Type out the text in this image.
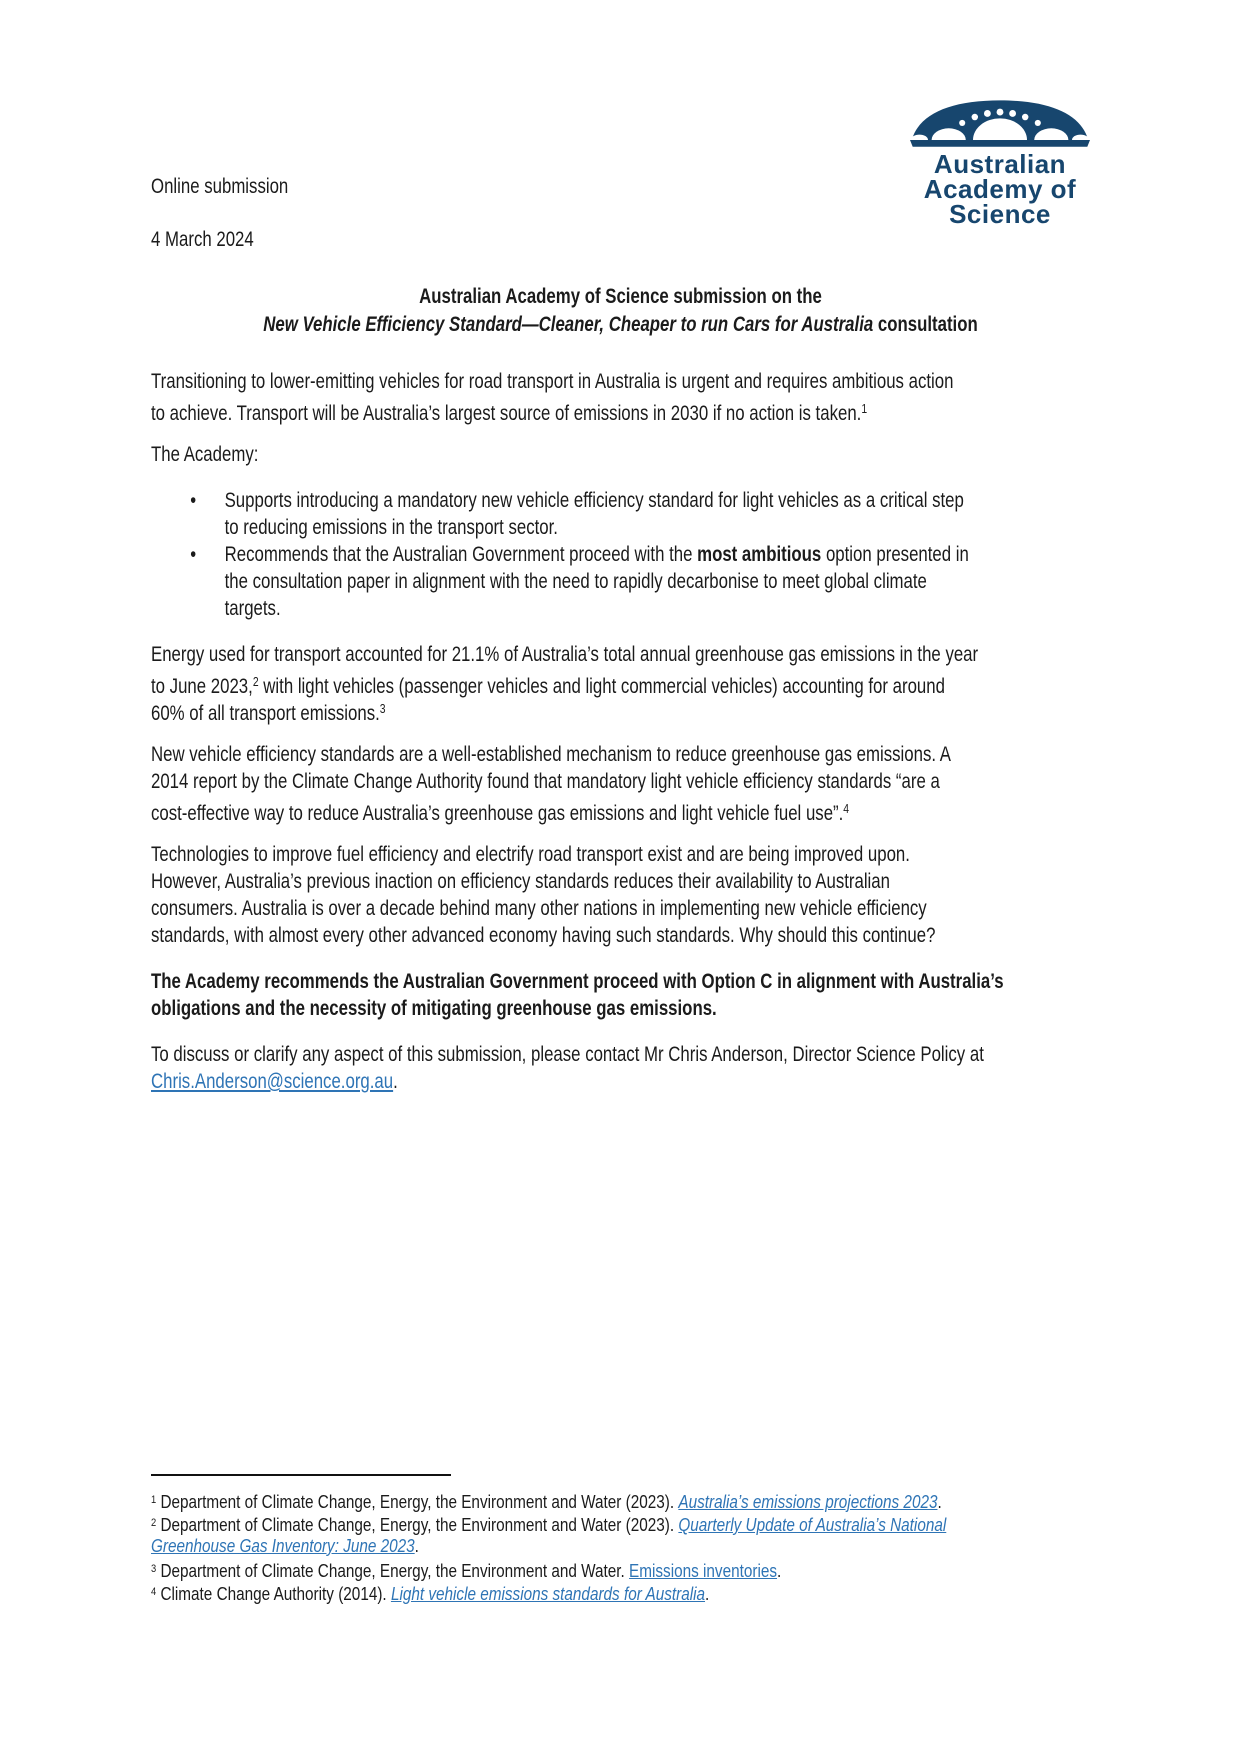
Online submission
Australian
Academy of
Science
4 March 2024
Australian Academy of Science submission on the
New Vehicle Efficiency Standard—Cleaner, Cheaper to run Cars for Australia consultation
Transitioning to lower-emitting vehicles for road transport in Australia is urgent and requires ambitious action
to achieve. Transport will be Australia’s largest source of emissions in 2030 if no action is taken.$^1$
The Academy:
• Supports introducing a mandatory new vehicle efficiency standard for light vehicles as a critical step
to reducing emissions in the transport sector.
• Recommends that the Australian Government proceed with the most ambitious option presented in
the consultation paper in alignment with the need to rapidly decarbonise to meet global climate
targets.
Energy used for transport accounted for 21.1% of Australia’s total annual greenhouse gas emissions in the year
to June 2023,$^2$ with light vehicles (passenger vehicles and light commercial vehicles) accounting for around
60% of all transport emissions.$^3$
New vehicle efficiency standards are a well-established mechanism to reduce greenhouse gas emissions. A
2014 report by the Climate Change Authority found that mandatory light vehicle efficiency standards “are a
cost-effective way to reduce Australia’s greenhouse gas emissions and light vehicle fuel use”.$^4$
Technologies to improve fuel efficiency and electrify road transport exist and are being improved upon.
However, Australia’s previous inaction on efficiency standards reduces their availability to Australian
consumers. Australia is over a decade behind many other nations in implementing new vehicle efficiency
standards, with almost every other advanced economy having such standards. Why should this continue?
The Academy recommends the Australian Government proceed with Option C in alignment with Australia’s
obligations and the necessity of mitigating greenhouse gas emissions.
To discuss or clarify any aspect of this submission, please contact Mr Chris Anderson, Director Science Policy at
Chris.Anderson@science.org.au.
$^1$ Department of Climate Change, Energy, the Environment and Water (2023). Australia’s emissions projections 2023.
$^2$ Department of Climate Change, Energy, the Environment and Water (2023). Quarterly Update of Australia’s National
Greenhouse Gas Inventory: June 2023.
$^3$ Department of Climate Change, Energy, the Environment and Water. Emissions inventories.
$^4$ Climate Change Authority (2014). Light vehicle emissions standards for Australia.
